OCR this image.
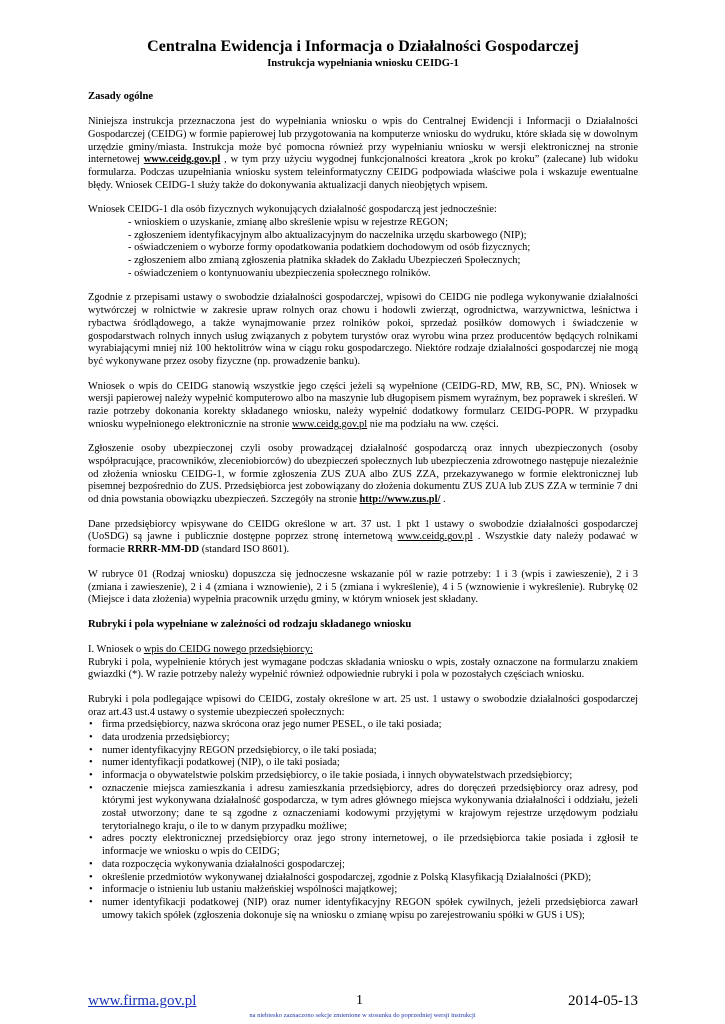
Centralna Ewidencja i Informacja o Działalności Gospodarczej
Instrukcja wypełniania wniosku CEIDG-1
Zasady ogólne

Niniejsza instrukcja przeznaczona jest do wypełniania wniosku o wpis do Centralnej Ewidencji i Informacji o Działalności Gospodarczej (CEIDG) w formie papierowej lub przygotowania na komputerze wniosku do wydruku, które składa się w dowolnym urzędzie gminy/miasta. Instrukcja może być pomocna również przy wypełnianiu wniosku w wersji elektronicznej na stronie internetowej www.ceidg.gov.pl , w tym przy użyciu wygodnej funkcjonalności kreatora „krok po kroku” (zalecane) lub widoku formularza. Podczas uzupełniania wniosku system teleinformatyczny CEIDG podpowiada właściwe pola i wskazuje ewentualne błędy. Wniosek CEIDG-1 służy także do dokonywania aktualizacji danych nieobjętych wpisem.

Wniosek CEIDG-1 dla osób fizycznych wykonujących działalność gospodarczą jest jednocześnie:

- wnioskiem o uzyskanie, zmianę albo skreślenie wpisu w rejestrze REGON;
- zgłoszeniem identyfikacyjnym albo aktualizacyjnym do naczelnika urzędu skarbowego (NIP);
- oświadczeniem o wyborze formy opodatkowania podatkiem dochodowym od osób fizycznych;
- zgłoszeniem albo zmianą zgłoszenia płatnika składek do Zakładu Ubezpieczeń Społecznych;
- oświadczeniem o kontynuowaniu ubezpieczenia społecznego rolników.

Zgodnie z przepisami ustawy o swobodzie działalności gospodarczej, wpisowi do CEIDG nie podlega wykonywanie działalności wytwórczej w rolnictwie w zakresie upraw rolnych oraz chowu i hodowli zwierząt, ogrodnictwa, warzywnictwa, leśnictwa i rybactwa śródlądowego, a także wynajmowanie przez rolników pokoi, sprzedaż posiłków domowych i świadczenie w gospodarstwach rolnych innych usług związanych z pobytem turystów oraz wyrobu wina przez producentów będących rolnikami wyrabiającymi mniej niż 100 hektolitrów wina w ciągu roku gospodarczego. Niektóre rodzaje działalności gospodarczej nie mogą być wykonywane przez osoby fizyczne (np. prowadzenie banku).

Wniosek o wpis do CEIDG stanowią wszystkie jego części jeżeli są wypełnione (CEIDG-RD, MW, RB, SC, PN). Wniosek w wersji papierowej należy wypełnić komputerowo albo na maszynie lub długopisem pismem wyraźnym, bez poprawek i skreśleń. W razie potrzeby dokonania korekty składanego wniosku, należy wypełnić dodatkowy formularz CEIDG-POPR. W przypadku wniosku wypełnionego elektronicznie na stronie www.ceidg.gov.pl nie ma podziału na ww. części.

Zgłoszenie osoby ubezpieczonej czyli osoby prowadzącej działalność gospodarczą oraz innych ubezpieczonych (osoby współpracujące, pracowników, zleceniobiorców) do ubezpieczeń społecznych lub ubezpieczenia zdrowotnego następuje niezależnie od złożenia wniosku CEIDG-1, w formie zgłoszenia ZUS ZUA albo ZUS ZZA, przekazywanego w formie elektronicznej lub pisemnej bezpośrednio do ZUS. Przedsiębiorca jest zobowiązany do złożenia dokumentu ZUS ZUA lub ZUS ZZA w terminie 7 dni od dnia powstania obowiązku ubezpieczeń. Szczegóły na stronie http://www.zus.pl/ .

Dane przedsiębiorcy wpisywane do CEIDG określone w art. 37 ust. 1 pkt 1 ustawy o swobodzie działalności gospodarczej (UoSDG) są jawne i publicznie dostępne poprzez stronę internetową www.ceidg.gov.pl . Wszystkie daty należy podawać w formacie RRRR-MM-DD (standard ISO 8601).

W rubryce 01 (Rodzaj wniosku) dopuszcza się jednoczesne wskazanie pól w razie potrzeby: 1 i 3 (wpis i zawieszenie), 2 i 3 (zmiana i zawieszenie), 2 i 4 (zmiana i wznowienie), 2 i 5 (zmiana i wykreślenie), 4 i 5 (wznowienie i wykreślenie). Rubrykę 02 (Miejsce i data złożenia) wypełnia pracownik urzędu gminy, w którym wniosek jest składany.

Rubryki i pola wypełniane w zależności od rodzaju składanego wniosku

I. Wniosek o wpis do CEIDG nowego przedsiębiorcy:

Rubryki i pola, wypełnienie których jest wymagane podczas składania wniosku o wpis, zostały oznaczone na formularzu znakiem gwiazdki (*). W razie potrzeby należy wypełnić również odpowiednie rubryki i pola w pozostałych częściach wniosku.

Rubryki i pola podlegające wpisowi do CEIDG, zostały określone w art. 25 ust. 1 ustawy o swobodzie działalności gospodarczej oraz art.43 ust.4 ustawy o systemie ubezpieczeń społecznych:

• firma przedsiębiorcy, nazwa skrócona oraz jego numer PESEL, o ile taki posiada;
• data urodzenia przedsiębiorcy;
• numer identyfikacyjny REGON przedsiębiorcy, o ile taki posiada;
• numer identyfikacji podatkowej (NIP), o ile taki posiada;
• informacja o obywatelstwie polskim przedsiębiorcy, o ile takie posiada, i innych obywatelstwach przedsiębiorcy;
• oznaczenie miejsca zamieszkania i adresu zamieszkania przedsiębiorcy, adres do doręczeń przedsiębiorcy oraz adresy, pod którymi jest wykonywana działalność gospodarcza, w tym adres głównego miejsca wykonywania działalności i oddziału, jeżeli został utworzony; dane te są zgodne z oznaczeniami kodowymi przyjętymi w krajowym rejestrze urzędowym podziału terytorialnego kraju, o ile to w danym przypadku możliwe;
• adres poczty elektronicznej przedsiębiorcy oraz jego strony internetowej, o ile przedsiębiorca takie posiada i zgłosił te informacje we wniosku o wpis do CEIDG;
• data rozpoczęcia wykonywania działalności gospodarczej;
• określenie przedmiotów wykonywanej działalności gospodarczej, zgodnie z Polską Klasyfikacją Działalności (PKD);
• informacje o istnieniu lub ustaniu małżeńskiej wspólności majątkowej;
• numer identyfikacji podatkowej (NIP) oraz numer identyfikacyjny REGON spółek cywilnych, jeżeli przedsiębiorca zawarł umowy takich spółek (zgłoszenia dokonuje się na wniosku o zmianę wpisu po zarejestrowaniu spółki w GUS i US);
www.firma.gov.pl	1	2014-05-13
na niebiesko zaznaczono sekcje zmienione w stosunku do poprzedniej wersji instrukcji
